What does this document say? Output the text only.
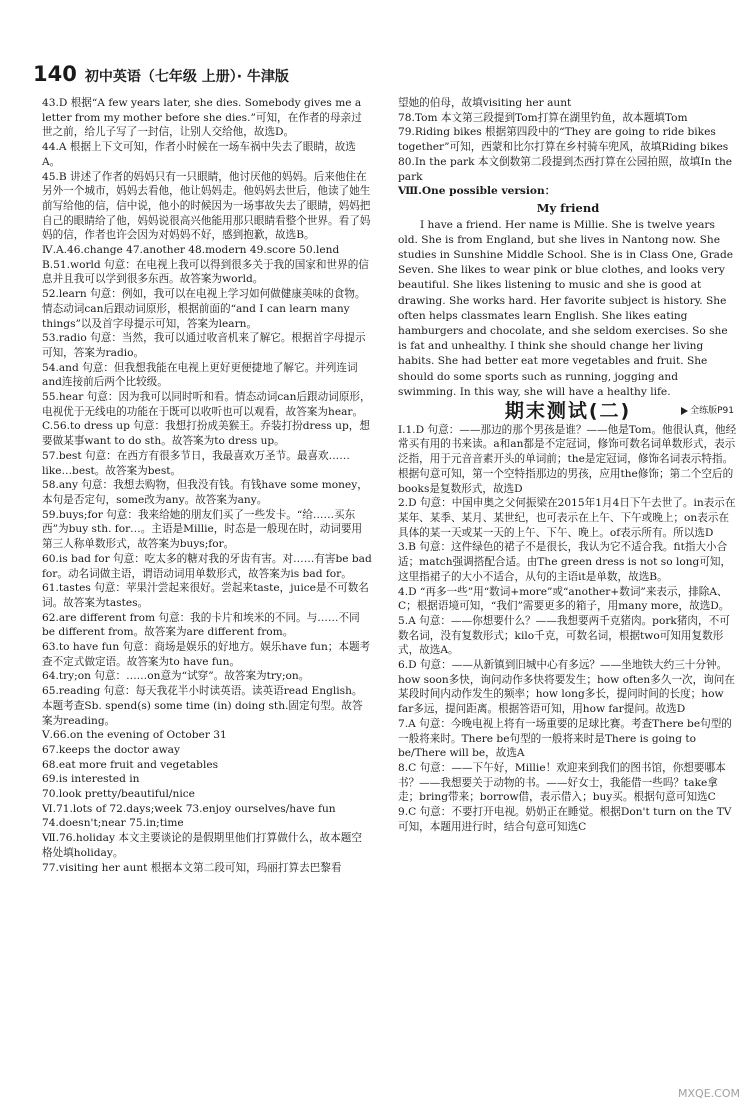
140 初中英语（七年级 上册）· 牛津版
43.D 根据“A few years later, she dies. Somebody gives me a letter from my mother before she dies.”可知，在作者的母亲过世之前，给儿子写了一封信，让别人交给他，故选D。
44.A 根据上下文可知，作者小时候在一场车祸中失去了眼睛，故选A。
45.B 讲述了作者的妈妈只有一只眼睛，他讨厌他的妈妈。后来他住在另外一个城市，妈妈去看他，他让妈妈走。他妈妈去世后，他读了她生前写给他的信，信中说，他小的时候因为一场事故失去了眼睛，妈妈把自己的眼睛给了他，妈妈说很高兴他能用那只眼睛看整个世界。看了妈妈的信，作者也许会因为对妈妈不好，感到抱歉，故选B。
Ⅳ.A.46.change 47.another 48.modern 49.score 50.lend
B.51.world 句意：在电视上我可以得到很多关于我的国家和世界的信息并且我可以学到很多东西。故答案为world。
52.learn 句意：例如，我可以在电视上学习如何做健康美味的食物。情态动词can后跟动词原形，根据前面的“and I can learn many things”以及首字母提示可知，答案为learn。
53.radio 句意：当然，我可以通过收音机来了解它。根据首字母提示可知，答案为radio。
54.and 句意：但我想我能在电视上更好更便捷地了解它。并列连词and连接前后两个比较级。
55.hear 句意：因为我可以同时听和看。情态动词can后跟动词原形，电视优于无线电的功能在于既可以收听也可以观看，故答案为hear。
C.56.to dress up 句意：我想打扮成美猴王。乔装打扮dress up，想要做某事want to do sth。故答案为to dress up。
57.best 句意：在西方有很多节日，我最喜欢万圣节。最喜欢……like…best。故答案为best。
58.any 句意：我想去购物，但我没有钱。有钱have some money，本句是否定句，some改为any。故答案为any。
59.buys;for 句意：我来给她的朋友们买了一些发卡。“给……买东西”为buy sth. for…。主语是Millie，时态是一般现在时，动词要用第三人称单数形式，故答案为buys;for。
60.is bad for 句意：吃太多的糖对我的牙齿有害。对……有害be bad for。动名词做主语，谓语动词用单数形式，故答案为is bad for。
61.tastes 句意：苹果汁尝起来很好。尝起来taste，juice是不可数名词。故答案为tastes。
62.are different from 句意：我的卡片和埃米的不同。与……不同be different from。故答案为are different from。
63.to have fun 句意：商场是娱乐的好地方。娱乐have fun；本题考查不定式做定语。故答案为to have fun。
64.try;on 句意：……on意为“试穿”。故答案为try;on。
65.reading 句意：每天我花半小时读英语。读英语read English。本题考查Sb. spend(s) some time (in) doing sth.固定句型。故答案为reading。
Ⅴ.66.on the evening of October 31
67.keeps the doctor away
68.eat more fruit and vegetables
69.is interested in
70.look pretty/beautiful/nice
Ⅵ.71.lots of 72.days;week 73.enjoy ourselves/have fun
74.doesn't;near 75.in;time
Ⅶ.76.holiday 本文主要谈论的是假期里他们打算做什么，故本题空格处填holiday。
77.visiting her aunt 根据本文第二段可知，玛丽打算去巴黎看
望她的伯母，故填visiting her aunt
78.Tom 本文第三段提到Tom打算在湖里钓鱼，故本题填Tom
79.Riding bikes 根据第四段中的“They are going to ride bikes together”可知，西蒙和比尔打算在乡村骑车兜风，故填Riding bikes
80.In the park 本文倒数第二段提到杰西打算在公园拍照，故填In the park
Ⅷ.One possible version：
My friend

I have a friend. Her name is Millie. She is twelve years old. She is from England, but she lives in Nantong now. She studies in Sunshine Middle School. She is in Class One, Grade Seven. She likes to wear pink or blue clothes, and looks very beautiful. She likes listening to music and she is good at drawing. She works hard. Her favorite subject is history. She often helps classmates learn English. She likes eating hamburgers and chocolate, and she seldom exercises. So she is fat and unhealthy. I think she should change her living habits. She had better eat more vegetables and fruit. She should do some sports such as running, jogging and swimming. In this way, she will have a healthy life.

期末测试(二)	全练版P91
Ⅰ.1.D 句意：——那边的那个男孩是谁？——他是Tom。他很认真，他经常买有用的书来读。a和an都是不定冠词，修饰可数名词单数形式，表示泛指，用于元音音素开头的单词前；the是定冠词，修饰名词表示特指。根据句意可知，第一个空特指那边的男孩，应用the修饰；第二个空后的books是复数形式，故选D
2.D 句意：中国申奥之父何振梁在2015年1月4日下午去世了。in表示在某年、某季、某月、某世纪，也可表示在上午、下午或晚上；on表示在具体的某一天或某一天的上午、下午、晚上。of表示所有。所以选D
3.B 句意：这件绿色的裙子不是很长，我认为它不适合我。fit指大小合适；match强调搭配合适。由The green dress is not so long可知，这里指裙子的大小不适合，从句的主语it是单数，故选B。
4.D “再多一些”用“数词+more”或“another+数词”来表示，排除A、C；根据语境可知，“我们”需要更多的箱子，用many more，故选D。
5.A 句意：——你想要什么？——我想要两千克猪肉。pork猪肉，不可数名词，没有复数形式；kilo千克，可数名词，根据two可知用复数形式，故选A。
6.D 句意：——从新镇到旧城中心有多远？——坐地铁大约三十分钟。how soon多快，询问动作多快将要发生；how often多久一次，询问在某段时间内动作发生的频率；how long多长，提问时间的长度；how far多远，提问距离。根据答语可知，用how far提问。故选D
7.A 句意：今晚电视上将有一场重要的足球比赛。考查There be句型的一般将来时。There be句型的一般将来时是There is going to be/There will be，故选A
8.C 句意：——下午好，Millie！欢迎来到我们的图书馆，你想要哪本书？——我想要关于动物的书。——好女士，我能借一些吗？take拿走；bring带来；borrow借，表示借入；buy买。根据句意可知选C
9.C 句意：不要打开电视。奶奶正在睡觉。根据Don't turn on the TV可知，本题用进行时，结合句意可知选C
MXQE.COM
